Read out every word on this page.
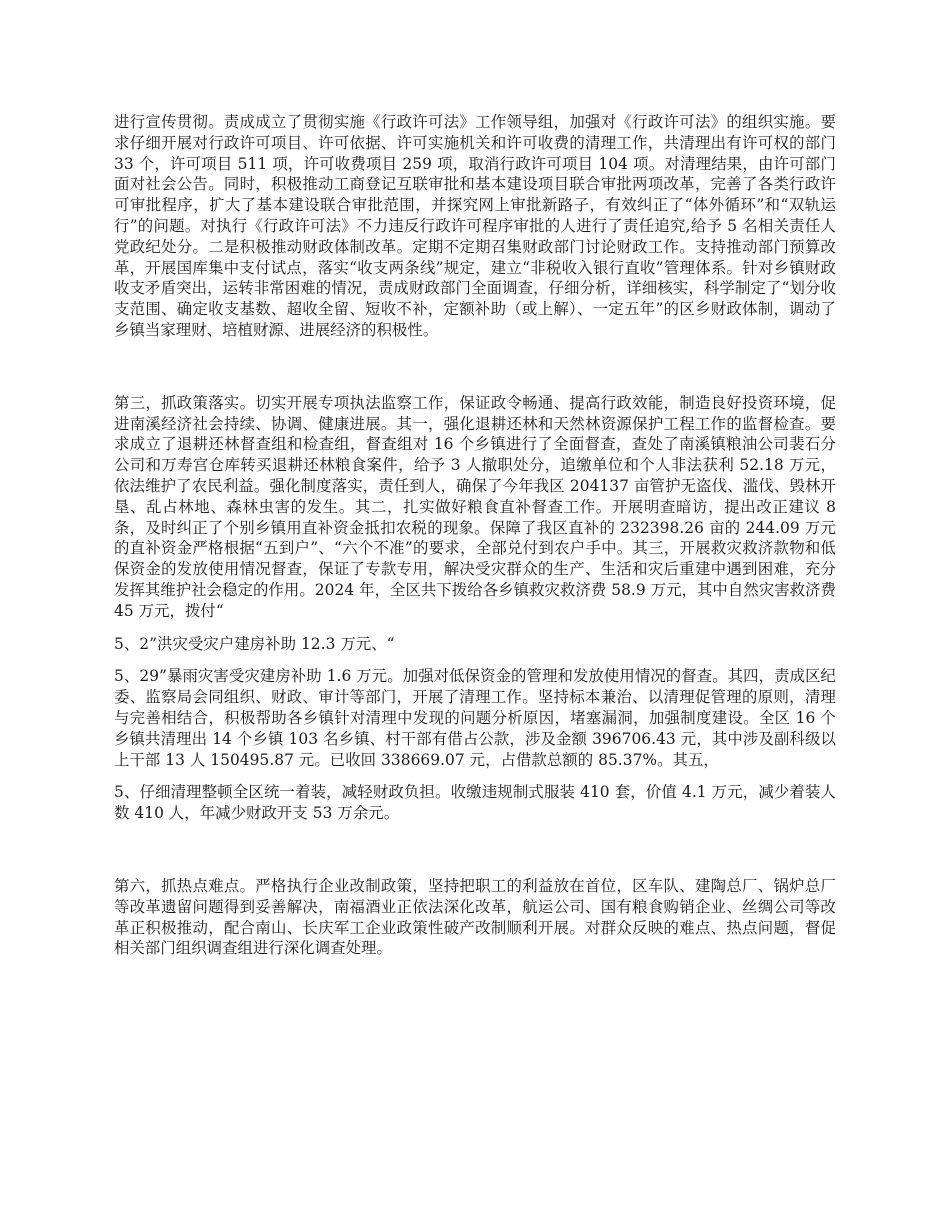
进行宣传贯彻。责成成立了贯彻实施《行政许可法》工作领导组，加强对《行政许可法》的组织实施。要求仔细开展对行政许可项目、许可依据、许可实施机关和许可收费的清理工作，共清理出有许可权的部门 33 个，许可项目 511 项，许可收费项目 259 项，取消行政许可项目 104 项。对清理结果，由许可部门面对社会公告。同时，积极推动工商登记互联审批和基本建设项目联合审批两项改革，完善了各类行政许可审批程序，扩大了基本建设联合审批范围，并探究网上审批新路子，有效纠正了“体外循环”和“双轨运行”的问题。对执行《行政许可法》不力违反行政许可程序审批的人进行了责任追究,给予 5 名相关责任人党政纪处分。二是积极推动财政体制改革。定期不定期召集财政部门讨论财政工作。支持推动部门预算改革，开展国库集中支付试点，落实“收支两条线”规定，建立“非税收入银行直收”管理体系。针对乡镇财政收支矛盾突出，运转非常困难的情况，责成财政部门全面调查，仔细分析，详细核实，科学制定了“划分收支范围、确定收支基数、超收全留、短收不补，定额补助（或上解）、一定五年”的区乡财政体制，调动了乡镇当家理财、培植财源、进展经济的积极性。

第三，抓政策落实。切实开展专项执法监察工作，保证政令畅通、提高行政效能，制造良好投资环境，促进南溪经济社会持续、协调、健康进展。其一，强化退耕还林和天然林资源保护工程工作的监督检查。要求成立了退耕还林督查组和检查组，督查组对 16 个乡镇进行了全面督查，查处了南溪镇粮油公司裴石分公司和万寿宫仓库转买退耕还林粮食案件，给予 3 人撤职处分，追缴单位和个人非法获利 52.18 万元，依法维护了农民利益。强化制度落实，责任到人，确保了今年我区 204137 亩管护无盗伐、滥伐、毁林开垦、乱占林地、森林虫害的发生。其二，扎实做好粮食直补督查工作。开展明查暗访，提出改正建议 8 条，及时纠正了个别乡镇用直补资金抵扣农税的现象。保障了我区直补的 232398.26 亩的 244.09 万元的直补资金严格根据“五到户”、“六个不准”的要求，全部兑付到农户手中。其三，开展救灾救济款物和低保资金的发放使用情况督查，保证了专款专用，解决受灾群众的生产、生活和灾后重建中遇到困难，充分发挥其维护社会稳定的作用。2024 年，全区共下拨给各乡镇救灾救济费 58.9 万元，其中自然灾害救济费 45 万元，拨付“

5、2”洪灾受灾户建房补助 12.3 万元、“

5、29”暴雨灾害受灾建房补助 1.6 万元。加强对低保资金的管理和发放使用情况的督查。其四，责成区纪委、监察局会同组织、财政、审计等部门，开展了清理工作。坚持标本兼治、以清理促管理的原则，清理与完善相结合，积极帮助各乡镇针对清理中发现的问题分析原因，堵塞漏洞，加强制度建设。全区 16 个乡镇共清理出 14 个乡镇 103 名乡镇、村干部有借占公款，涉及金额 396706.43 元，其中涉及副科级以上干部 13 人 150495.87 元。已收回 338669.07 元，占借款总额的 85.37%。其五，

5、仔细清理整顿全区统一着装，减轻财政负担。收缴违规制式服装 410 套，价值 4.1 万元，减少着装人数 410 人，年减少财政开支 53 万余元。

第六，抓热点难点。严格执行企业改制政策，坚持把职工的利益放在首位，区车队、建陶总厂、锅炉总厂等改革遗留问题得到妥善解决，南福酒业正依法深化改革，航运公司、国有粮食购销企业、丝绸公司等改革正积极推动，配合南山、长庆军工企业政策性破产改制顺利开展。对群众反映的难点、热点问题，督促相关部门组织调查组进行深化调查处理。
